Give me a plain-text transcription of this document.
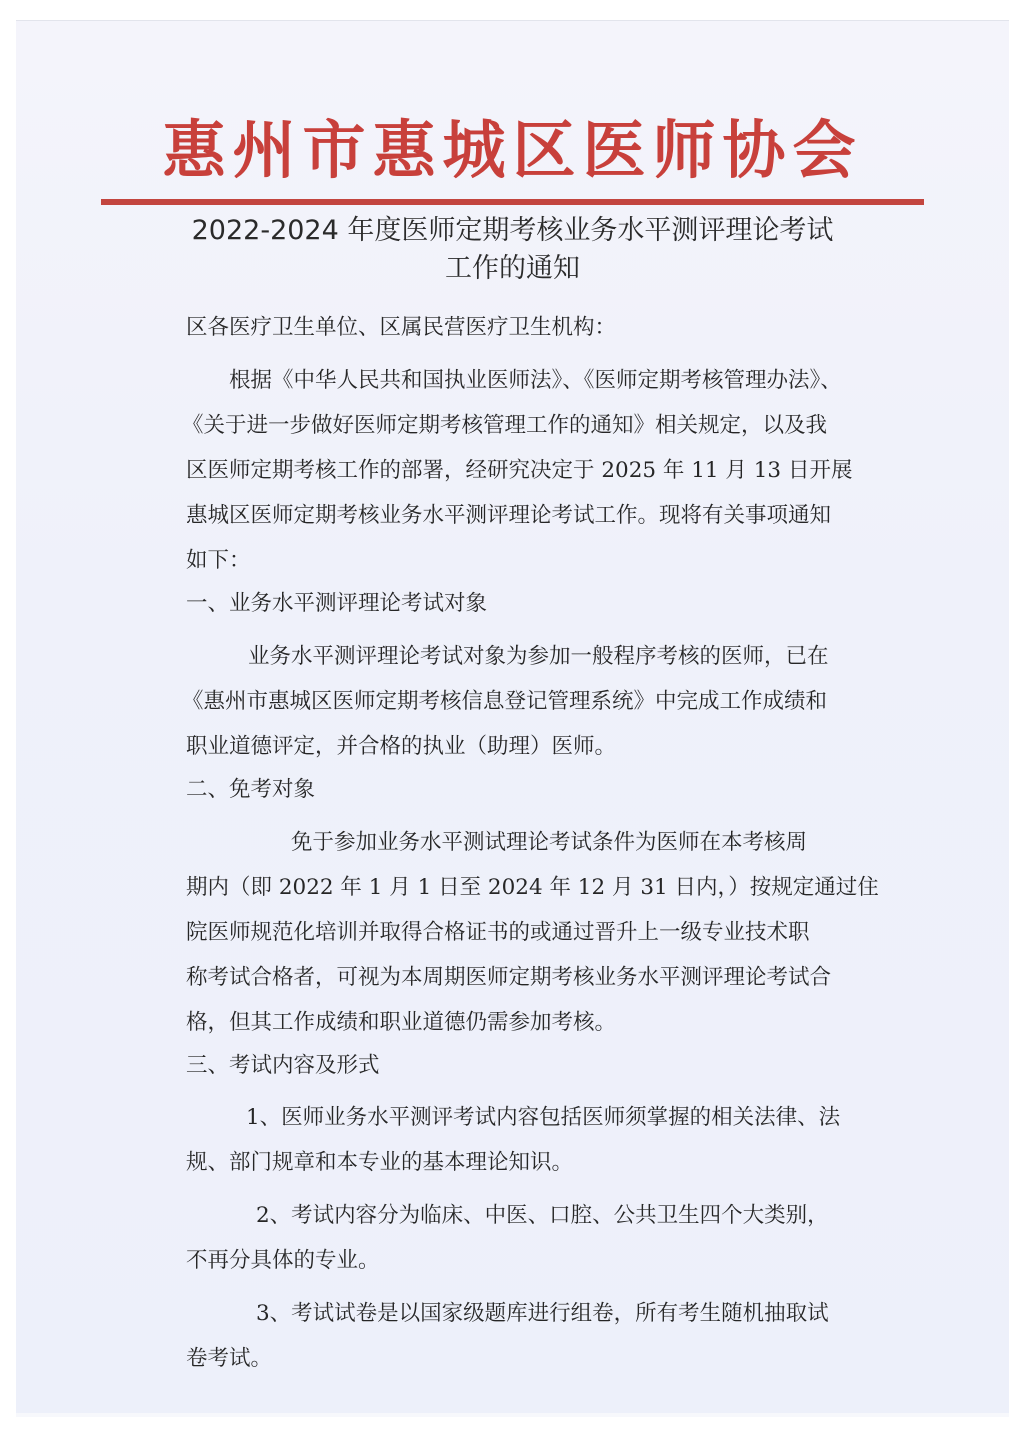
惠州市惠城区医师协会
2022-2024 年度医师定期考核业务水平测评理论考试
工作的通知
区各医疗卫生单位、区属民营医疗卫生机构：
根据《中华人民共和国执业医师法》、《医师定期考核管理办法》、
《关于进一步做好医师定期考核管理工作的通知》相关规定，以及我
区医师定期考核工作的部署，经研究决定于 2025 年 11 月 13 日开展
惠城区医师定期考核业务水平测评理论考试工作。现将有关事项通知
如下：
一、业务水平测评理论考试对象
业务水平测评理论考试对象为参加一般程序考核的医师，已在
《惠州市惠城区医师定期考核信息登记管理系统》中完成工作成绩和
职业道德评定，并合格的执业（助理）医师。
二、免考对象
免于参加业务水平测试理论考试条件为医师在本考核周
期内（即 2022 年 1 月 1 日至 2024 年 12 月 31 日内，）按规定通过住
院医师规范化培训并取得合格证书的或通过晋升上一级专业技术职
称考试合格者，可视为本周期医师定期考核业务水平测评理论考试合
格，但其工作成绩和职业道德仍需参加考核。
三、考试内容及形式
1、医师业务水平测评考试内容包括医师须掌握的相关法律、法
规、部门规章和本专业的基本理论知识。
2、考试内容分为临床、中医、口腔、公共卫生四个大类别，
不再分具体的专业。
3、考试试卷是以国家级题库进行组卷，所有考生随机抽取试
卷考试。
